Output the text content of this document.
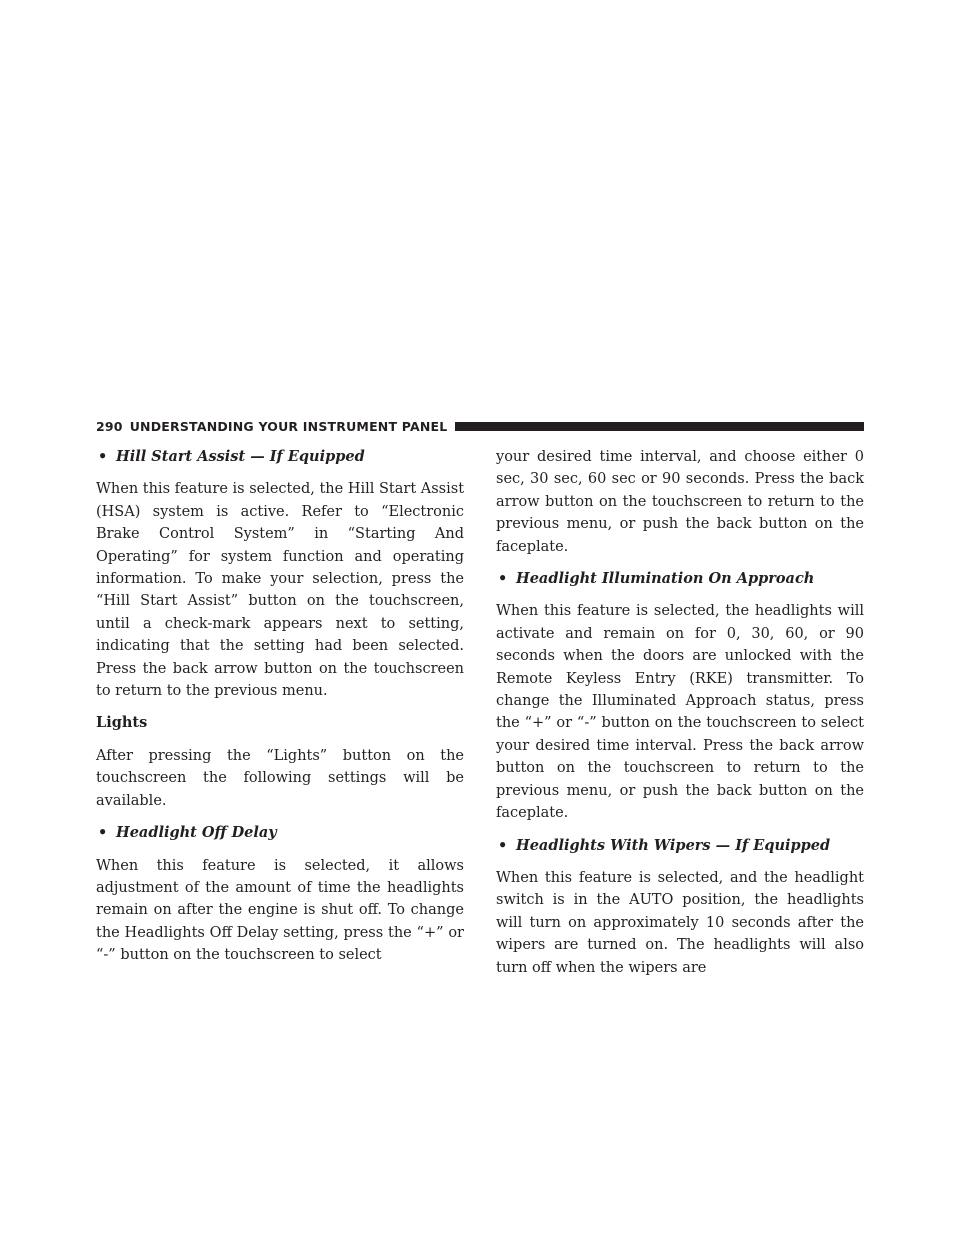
290 UNDERSTANDING YOUR INSTRUMENT PANEL
• Hill Start Assist — If Equipped

When this feature is selected, the Hill Start Assist (HSA) system is active. Refer to “Electronic Brake Control System” in “Starting And Operating” for system function and operating information. To make your selection, press the “Hill Start Assist” button on the touchscreen, until a check-mark appears next to setting, indicating that the setting had been selected. Press the back arrow button on the touchscreen to return to the previous menu.

Lights

After pressing the “Lights” button on the touchscreen the following settings will be available.

• Headlight Off Delay

When this feature is selected, it allows adjustment of the amount of time the headlights remain on after the engine is shut off. To change the Headlights Off Delay setting, press the “+” or “-” button on the touchscreen to select

your desired time interval, and choose either 0 sec, 30 sec, 60 sec or 90 seconds. Press the back arrow button on the touchscreen to return to the previous menu, or push the back button on the faceplate.

• Headlight Illumination On Approach

When this feature is selected, the headlights will activate and remain on for 0, 30, 60, or 90 seconds when the doors are unlocked with the Remote Keyless Entry (RKE) transmitter. To change the Illuminated Approach status, press the “+” or “-” button on the touchscreen to select your desired time interval. Press the back arrow button on the touchscreen to return to the previous menu, or push the back button on the faceplate.

• Headlights With Wipers — If Equipped

When this feature is selected, and the headlight switch is in the AUTO position, the headlights will turn on approximately 10 seconds after the wipers are turned on. The headlights will also turn off when the wipers are
